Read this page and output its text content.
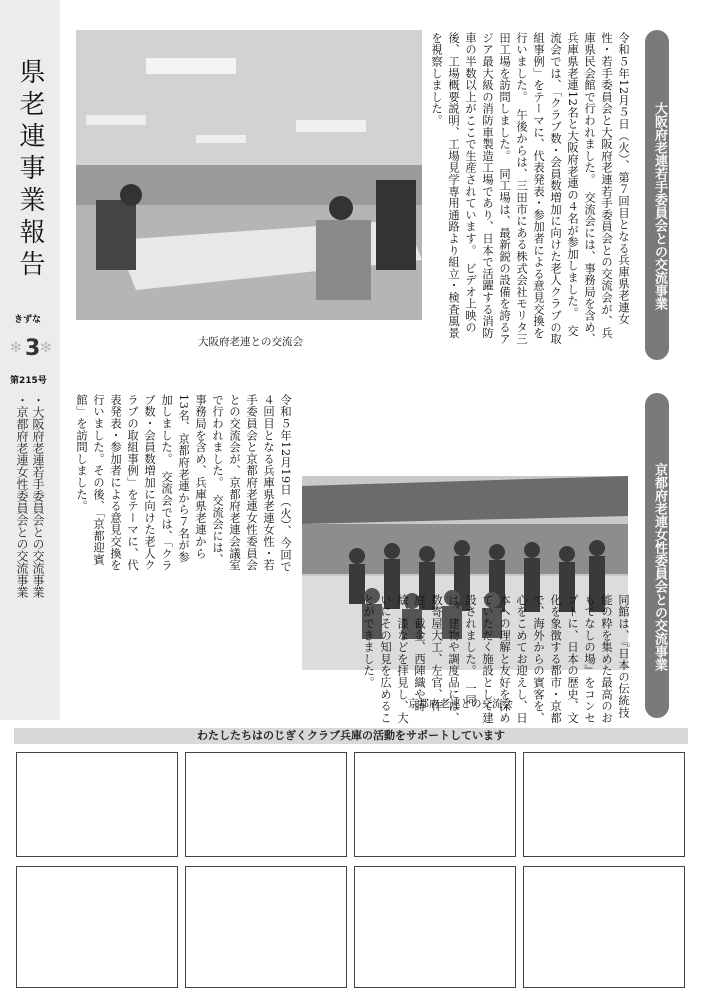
県老連事業報告
きずな
✻ 3 ✻
第215号
・大阪府老連若手委員会との交流事業
・京都府老連女性委員会との交流事業
大阪府老連若手委員会との交流事業
令和５年12月５日（火）、第７回目となる兵庫県老連女性・若手委員会と大阪府老連若手委員会との交流会が、兵庫県民会館で行われました。　交流会には、事務局を含め、兵庫県老連12名と大阪府老連の４名が参加しました。　交流会では、「クラブ数・会員数増加に向けた老人クラブの取組事例」をテーマに、代表発表・参加者による意見交換を行いました。　午後からは、三田市にある株式会社モリタ三田工場を訪問しました。　同工場は、最新鋭の設備を誇るアジア最大級の消防車製造工場であり、日本で活躍する消防車の半数以上がここで生産されています。　ビデオ上映の後、工場概要説明、工場見学専用通路より組立・検査風景を視察しました。
大阪府老連との交流会
京都府老連女性委員会との交流事業
令和５年12月19日（火）、今回で４回目となる兵庫県老連女性・若手委員会と京都府老連女性委員会との交流会が、京都府老連会議室で行われました。　交流会には、事務局を含め、兵庫県老連から13名、京都府老連から７名が参加しました。　交流会では、「クラブ数・会員数増加に向けた老人クラブの取組事例」をテーマに、代表発表・参加者による意見交換を行いました。その後、「京都迎賓館」を訪問しました。
京都府老連との交流会	同館は、『日本の伝統技能の粋を集めた最高のおもてなしの場』をコンセプトに、日本の歴史、文化を象徴する都市・京都で、海外からの賓客を、心をこめてお迎えし、日本への理解と友好を深めていただく施設として建設されました。　一同は、建物や調度品には、数寄屋大工、左官、作庭、截金、西陣織や蒔絵、漆などを拝見し、大いにその知見を広めることができました。
わたしたちはのじぎくクラブ兵庫の活動をサポートしています
